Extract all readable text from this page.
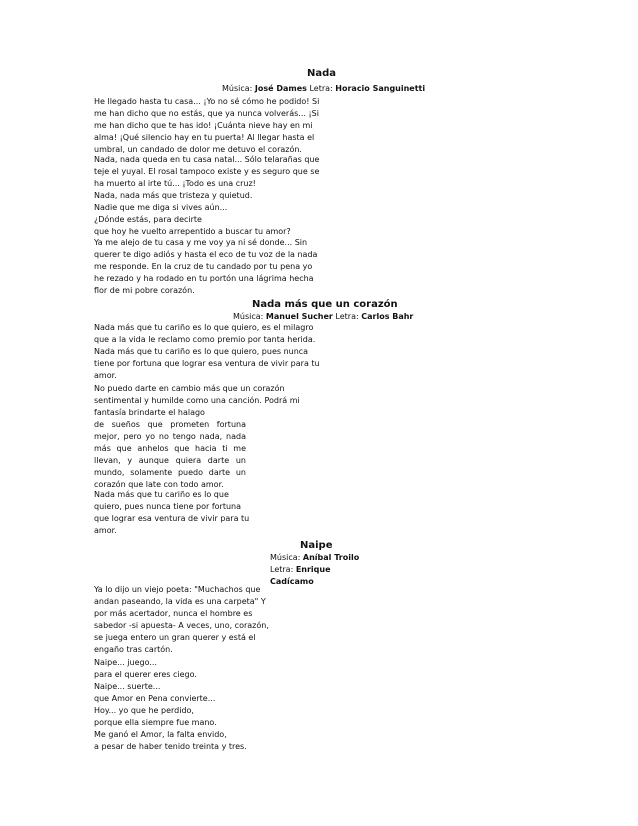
Nada
Música: José Dames Letra: Horacio Sanguinetti
He llegado hasta tu casa... ¡Yo no sé cómo he podido! Si
me han dicho que no estás, que ya nunca volverás... ¡Si
me han dicho que te has ido! ¡Cuánta nieve hay en mi
alma! ¡Qué silencio hay en tu puerta! Al llegar hasta el
umbral, un candado de dolor me detuvo el corazón.
Nada, nada queda en tu casa natal... Sólo telarañas que
teje el yuyal. El rosal tampoco existe y es seguro que se
ha muerto al irte tú... ¡Todo es una cruz!
Nada, nada más que tristeza y quietud.
Nadie que me diga si vives aún...
¿Dónde estás, para decirte
que hoy he vuelto arrepentido a buscar tu amor?
Ya me alejo de tu casa y me voy ya ni sé donde... Sin
querer te digo adiós y hasta el eco de tu voz de la nada
me responde. En la cruz de tu candado por tu pena yo
he rezado y ha rodado en tu portón una lágrima hecha
flor de mi pobre corazón.
Nada más que un corazón
Música: Manuel Sucher Letra: Carlos Bahr
Nada más que tu cariño es lo que quiero, es el milagro
que a la vida le reclamo como premio por tanta herida.
Nada más que tu cariño es lo que quiero, pues nunca
tiene por fortuna que lograr esa ventura de vivir para tu
amor.
No puedo darte en cambio más que un corazón
sentimental y humilde como una canción. Podrá mi
fantasía brindarte el halago
de sueños que prometen fortuna
mejor, pero yo no tengo nada, nada
más que anhelos que hacia ti me
llevan, y aunque quiera darte un
mundo, solamente puedo darte un
corazón que late con todo amor.
Nada más que tu cariño es lo que
quiero, pues nunca tiene por fortuna
que lograr esa ventura de vivir para tu
amor.
Naipe
Música: Aníbal Troilo
Letra: Enrique
Cadícamo
Ya lo dijo un viejo poeta: "Muchachos que
andan paseando, la vida es una carpeta" Y
por más acertador, nunca el hombre es
sabedor -si apuesta- A veces, uno, corazón,
se juega entero un gran querer y está el
engaño tras cartón.
Naipe... juego...
para el querer eres ciego.
Naipe... suerte...
que Amor en Pena convierte...
Hoy... yo que he perdido,
porque ella siempre fue mano.
Me ganó el Amor, la falta envido,
a pesar de haber tenido treinta y tres.
